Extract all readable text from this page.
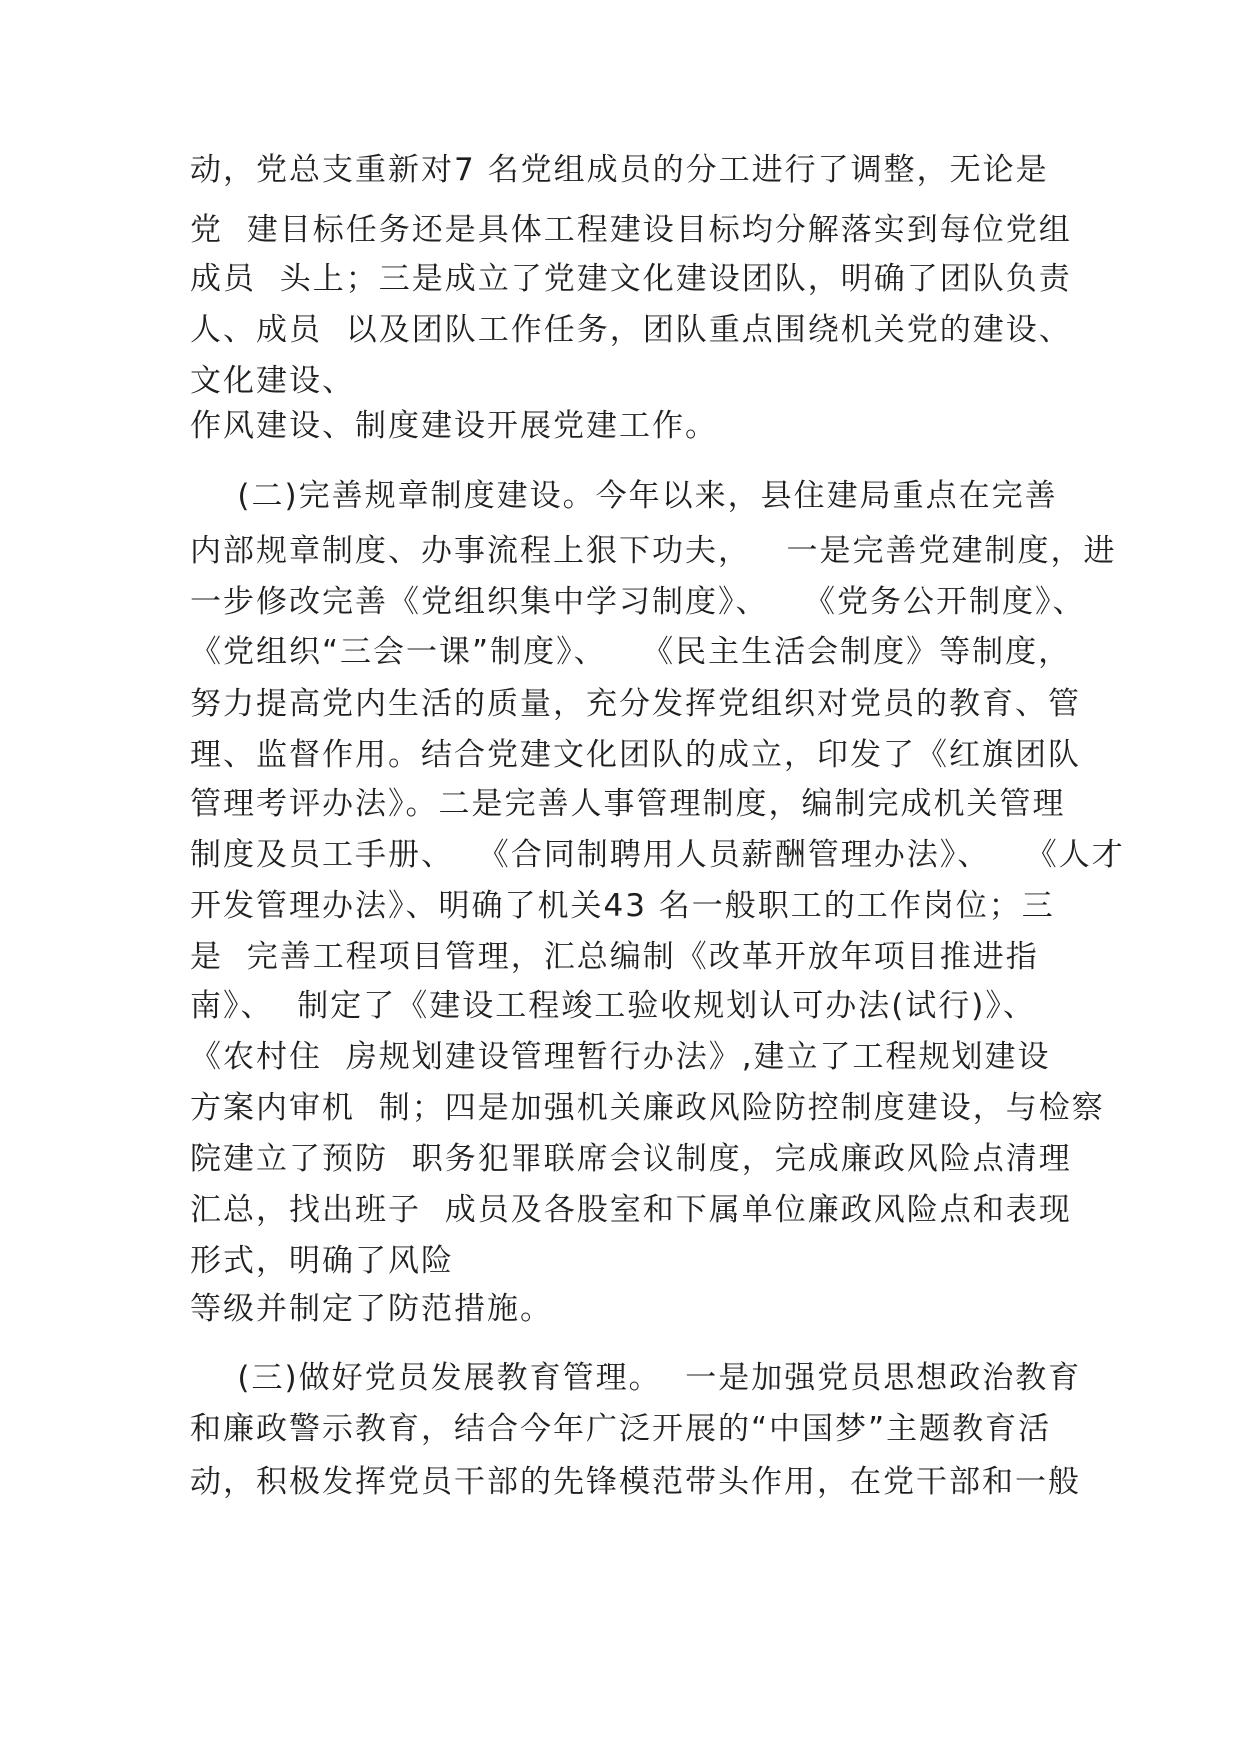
动，党总支重新对7 名党组成员的分工进行了调整，无论是
党  建目标任务还是具体工程建设目标均分解落实到每位党组
成员  头上；三是成立了党建文化建设团队，明确了团队负责
人、成员  以及团队工作任务，团队重点围绕机关党的建设、
文化建设、
作风建设、制度建设开展党建工作。
(二)完善规章制度建设。今年以来，县住建局重点在完善
内部规章制度、办事流程上狠下功夫，   一是完善党建制度，进
一步修改完善《党组织集中学习制度》、   《党务公开制度》、
《党组织“三会一课”制度》、   《民主生活会制度》等制度，
努力提高党内生活的质量，充分发挥党组织对党员的教育、管
理、监督作用。结合党建文化团队的成立，印发了《红旗团队
管理考评办法》。二是完善人事管理制度，编制完成机关管理
制度及员工手册、  《合同制聘用人员薪酬管理办法》、   《人才
开发管理办法》、明确了机关43 名一般职工的工作岗位；三
是  完善工程项目管理，汇总编制《改革开放年项目推进指
南》、  制定了《建设工程竣工验收规划认可办法(试行)》、
《农村住  房规划建设管理暂行办法》,建立了工程规划建设
方案内审机  制；四是加强机关廉政风险防控制度建设，与检察
院建立了预防  职务犯罪联席会议制度，完成廉政风险点清理
汇总，找出班子  成员及各股室和下属单位廉政风险点和表现
形式，明确了风险
等级并制定了防范措施。
(三)做好党员发展教育管理。  一是加强党员思想政治教育
和廉政警示教育，结合今年广泛开展的“中国梦”主题教育活
动，积极发挥党员干部的先锋模范带头作用，在党干部和一般
